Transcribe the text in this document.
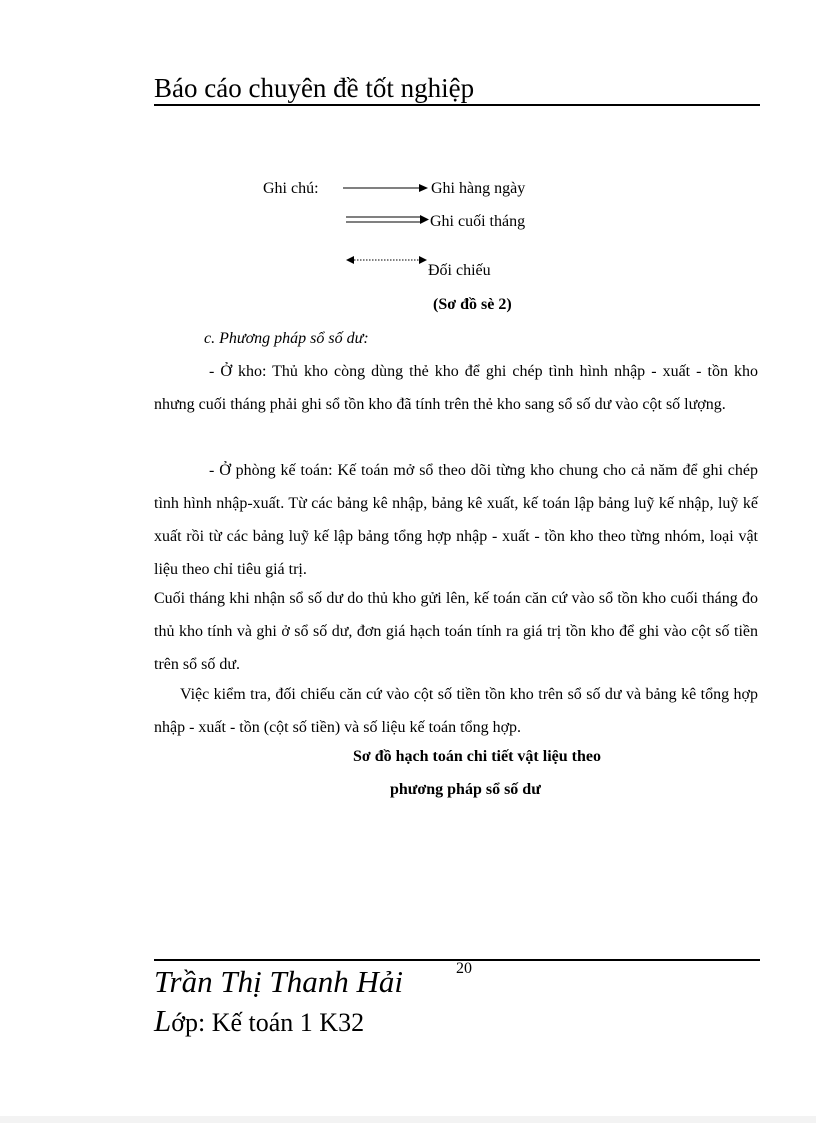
Báo cáo chuyên đề tốt nghiệp
Ghi chú:	Ghi hàng ngày
Ghi cuối tháng
Đối chiếu
(Sơ đồ sè 2)
c. Phương pháp sổ số dư:
- Ở kho: Thủ kho còng dùng thẻ kho để ghi chép tình hình nhập - xuất - tồn kho nhưng cuối tháng phải ghi sổ tồn kho đã tính trên thẻ kho sang sổ số dư vào cột số lượng.
- Ở phòng kế toán: Kế toán mở sổ theo dõi từng kho chung cho cả năm để ghi chép tình hình nhập-xuất. Từ các bảng kê nhập, bảng kê xuất, kế toán lập bảng luỹ kế nhập, luỹ kế xuất rồi từ các bảng luỹ kế lập bảng tổng hợp nhập - xuất - tồn kho theo từng nhóm, loại vật liệu theo chỉ tiêu giá trị.
Cuối tháng khi nhận sổ số dư do thủ kho gửi lên, kế toán căn cứ vào sổ tồn kho cuối tháng đo thủ kho tính và ghi ở sổ số dư, đơn giá hạch toán tính ra giá trị tồn kho để ghi vào cột số tiền trên sổ số dư.
Việc kiểm tra, đối chiếu căn cứ vào cột số tiền tồn kho trên sổ số dư và bảng kê tổng hợp nhập - xuất - tồn (cột số tiền) và số liệu kế toán tổng hợp.
Sơ đồ hạch toán chi tiết vật liệu theo
phương pháp sổ số dư
20
Trần Thị Thanh Hải
Lớp: Kế toán 1 K32
